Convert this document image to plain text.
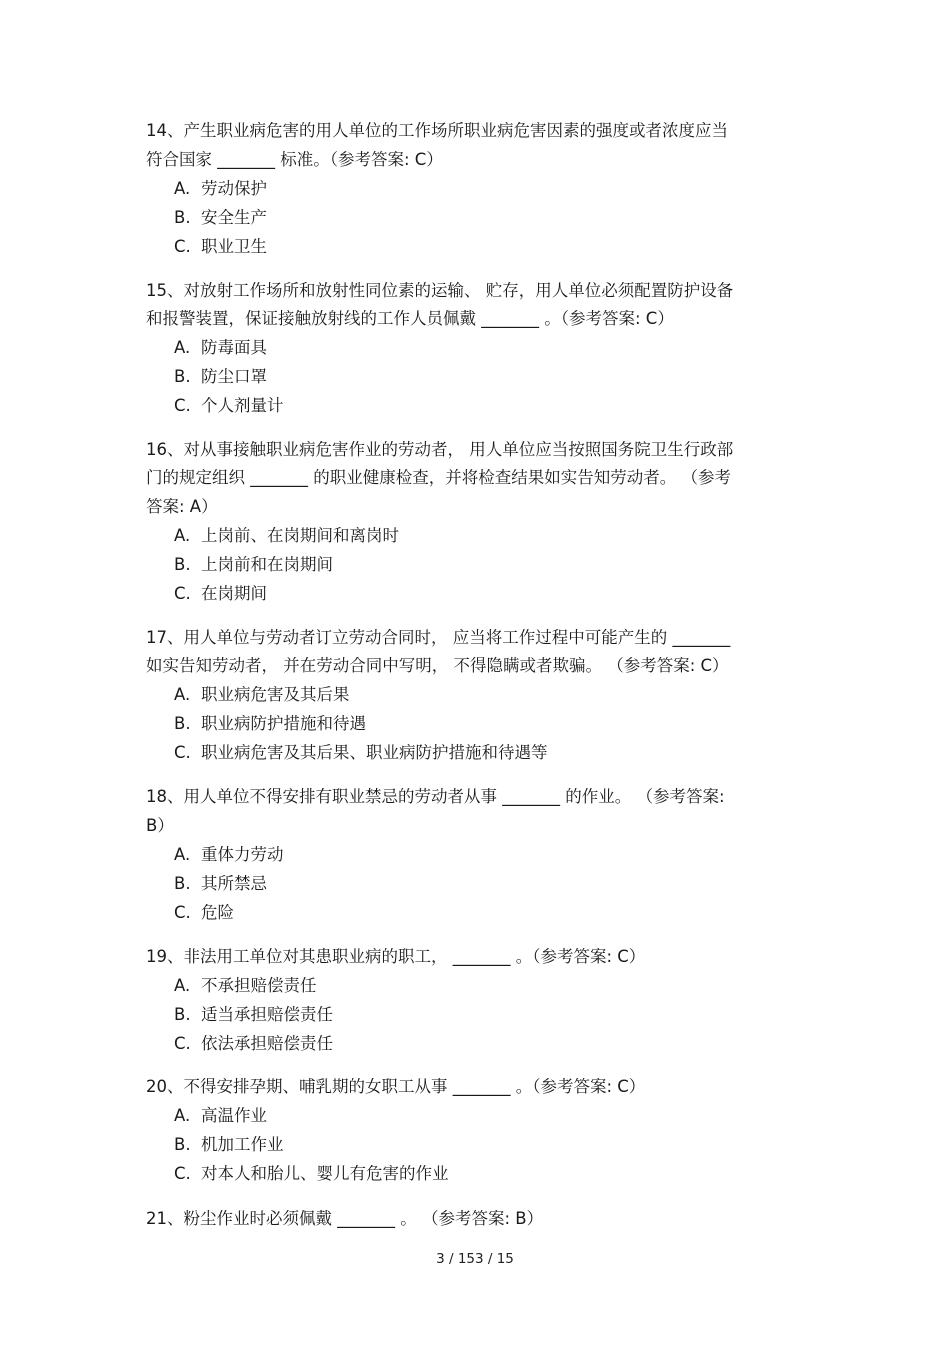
14、产生职业病危害的用人单位的工作场所职业病危害因素的强度或者浓度应当
符合国家 _______ 标准。（参考答案: C）
A. 劳动保护
B. 安全生产
C. 职业卫生
15、对放射工作场所和放射性同位素的运输、 贮存，用人单位必须配置防护设备
和报警装置，保证接触放射线的工作人员佩戴 _______ 。（参考答案: C）
A. 防毒面具
B. 防尘口罩
C. 个人剂量计
16、对从事接触职业病危害作业的劳动者， 用人单位应当按照国务院卫生行政部
门的规定组织 _______ 的职业健康检查，并将检查结果如实告知劳动者。 （参考
答案: A）
A. 上岗前、在岗期间和离岗时
B. 上岗前和在岗期间
C. 在岗期间
17、用人单位与劳动者订立劳动合同时， 应当将工作过程中可能产生的 _______
如实告知劳动者， 并在劳动合同中写明， 不得隐瞒或者欺骗。 （参考答案: C）
A. 职业病危害及其后果
B. 职业病防护措施和待遇
C. 职业病危害及其后果、职业病防护措施和待遇等
18、用人单位不得安排有职业禁忌的劳动者从事 _______ 的作业。 （参考答案:
B）
A. 重体力劳动
B. 其所禁忌
C. 危险
19、非法用工单位对其患职业病的职工， _______ 。（参考答案: C）
A. 不承担赔偿责任
B. 适当承担赔偿责任
C. 依法承担赔偿责任
20、不得安排孕期、哺乳期的女职工从事 _______ 。（参考答案: C）
A. 高温作业
B. 机加工作业
C. 对本人和胎儿、婴儿有危害的作业
21、粉尘作业时必须佩戴 _______ 。 （参考答案: B）
3 / 153 / 15
